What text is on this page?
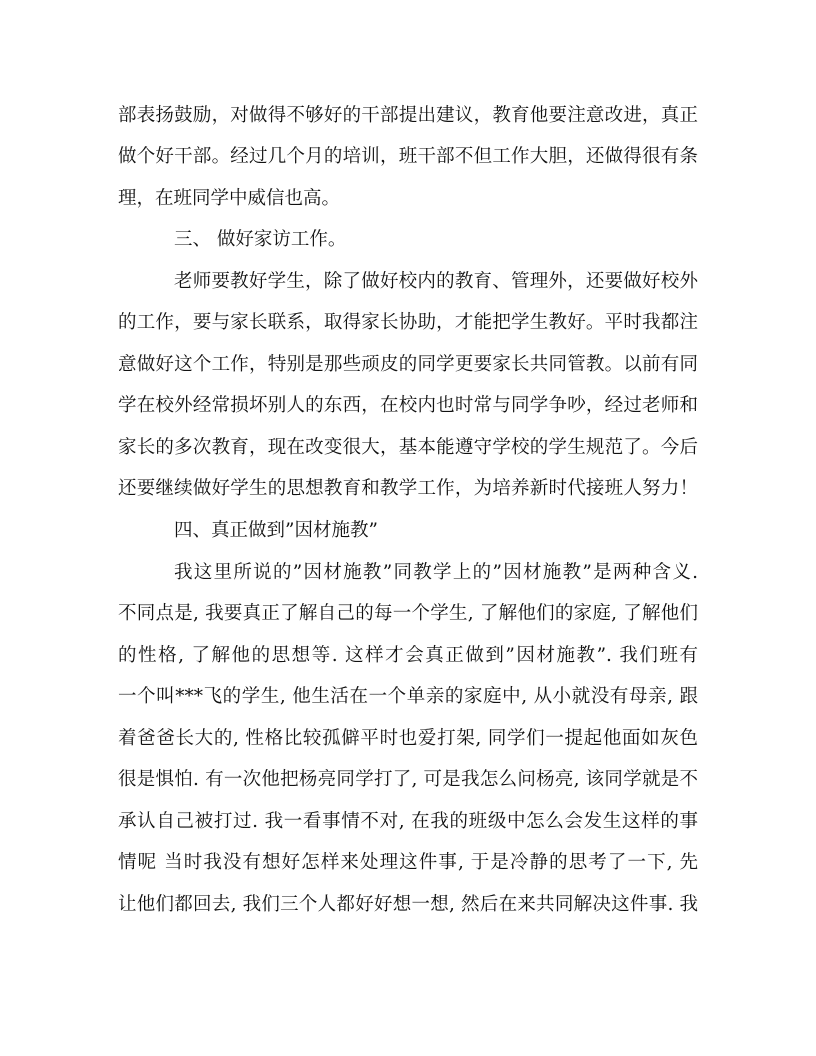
部表扬鼓励，对做得不够好的干部提出建议，教育他要注意改进，真正
做个好干部。经过几个月的培训，班干部不但工作大胆，还做得很有条
理，在班同学中威信也高。
三、 做好家访工作。
老师要教好学生，除了做好校内的教育、管理外，还要做好校外
的工作，要与家长联系，取得家长协助，才能把学生教好。平时我都注
意做好这个工作，特别是那些顽皮的同学更要家长共同管教。以前有同
学在校外经常损坏别人的东西，在校内也时常与同学争吵，经过老师和
家长的多次教育，现在改变很大，基本能遵守学校的学生规范了。今后
还要继续做好学生的思想教育和教学工作，为培养新时代接班人努力！
四、真正做到”因材施教”
我这里所说的”因材施教”同教学上的”因材施教”是两种含义.
不同点是, 我要真正了解自己的每一个学生, 了解他们的家庭, 了解他们
的性格, 了解他的思想等. 这样才会真正做到”因材施教”. 我们班有
一个叫***飞的学生, 他生活在一个单亲的家庭中, 从小就没有母亲, 跟
着爸爸长大的, 性格比较孤僻平时也爱打架, 同学们一提起他面如灰色
很是惧怕. 有一次他把杨亮同学打了, 可是我怎么问杨亮, 该同学就是不
承认自己被打过. 我一看事情不对, 在我的班级中怎么会发生这样的事
情呢 当时我没有想好怎样来处理这件事, 于是冷静的思考了一下, 先
让他们都回去, 我们三个人都好好想一想, 然后在来共同解决这件事. 我
